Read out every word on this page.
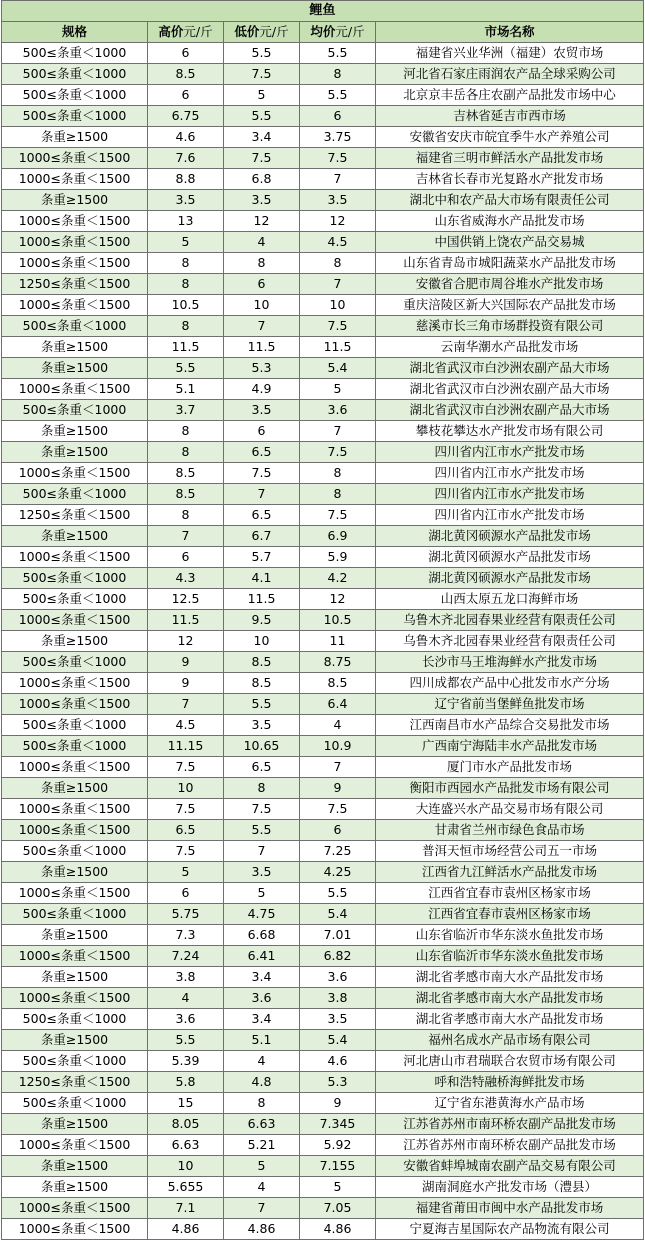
鲤鱼				
规格	高价元/斤	低价元/斤	均价元/斤	市场名称
500≤条重＜1000	6	5.5	5.5	福建省兴业华洲（福建）农贸市场
500≤条重＜1000	8.5	7.5	8	河北省石家庄雨润农产品全球采购公司
500≤条重＜1000	6	5	5.5	北京京丰岳各庄农副产品批发市场中心
500≤条重＜1000	6.75	5.5	6	吉林省延吉市西市场
条重≥1500	4.6	3.4	3.75	安徽省安庆市皖宜季牛水产养殖公司
1000≤条重＜1500	7.6	7.5	7.5	福建省三明市鲜活水产品批发市场
1000≤条重＜1500	8.8	6.8	7	吉林省长春市光复路水产批发市场
条重≥1500	3.5	3.5	3.5	湖北中和农产品大市场有限责任公司
1000≤条重＜1500	13	12	12	山东省威海水产品批发市场
1000≤条重＜1500	5	4	4.5	中国供销上饶农产品交易城
1000≤条重＜1500	8	8	8	山东省青岛市城阳蔬菜水产品批发市场
1250≤条重＜1500	8	6	7	安徽省合肥市周谷堆水产批发市场
1000≤条重＜1500	10.5	10	10	重庆涪陵区新大兴国际农产品批发市场
500≤条重＜1000	8	7	7.5	慈溪市长三角市场群投资有限公司
条重≥1500	11.5	11.5	11.5	云南华潮水产品批发市场
条重≥1500	5.5	5.3	5.4	湖北省武汉市白沙洲农副产品大市场
1000≤条重＜1500	5.1	4.9	5	湖北省武汉市白沙洲农副产品大市场
500≤条重＜1000	3.7	3.5	3.6	湖北省武汉市白沙洲农副产品大市场
条重≥1500	8	6	7	攀枝花攀达水产批发市场有限公司
条重≥1500	8	6.5	7.5	四川省内江市水产批发市场
1000≤条重＜1500	8.5	7.5	8	四川省内江市水产批发市场
500≤条重＜1000	8.5	7	8	四川省内江市水产批发市场
1250≤条重＜1500	8	6.5	7.5	四川省内江市水产批发市场
条重≥1500	7	6.7	6.9	湖北黄冈硕源水产品批发市场
1000≤条重＜1500	6	5.7	5.9	湖北黄冈硕源水产品批发市场
500≤条重＜1000	4.3	4.1	4.2	湖北黄冈硕源水产品批发市场
500≤条重＜1000	12.5	11.5	12	山西太原五龙口海鲜市场
1000≤条重＜1500	11.5	9.5	10.5	乌鲁木齐北园春果业经营有限责任公司
条重≥1500	12	10	11	乌鲁木齐北园春果业经营有限责任公司
500≤条重＜1000	9	8.5	8.75	长沙市马王堆海鲜水产批发市场
1000≤条重＜1500	9	8.5	8.5	四川成都农产品中心批发市水产分场
1000≤条重＜1500	7	5.5	6.4	辽宁省前当堡鲜鱼批发市场
500≤条重＜1000	4.5	3.5	4	江西南昌市水产品综合交易批发市场
500≤条重＜1000	11.15	10.65	10.9	广西南宁海陆丰水产品批发市场
1000≤条重＜1500	7.5	6.5	7	厦门市水产品批发市场
条重≥1500	10	8	9	衡阳市西园水产品批发市场有限公司
1000≤条重＜1500	7.5	7.5	7.5	大连盛兴水产品交易市场有限公司
1000≤条重＜1500	6.5	5.5	6	甘肃省兰州市绿色食品市场
500≤条重＜1000	7.5	7	7.25	普洱天恒市场经营公司五一市场
条重≥1500	5	3.5	4.25	江西省九江鲜活水产品批发市场
1000≤条重＜1500	6	5	5.5	江西省宜春市袁州区杨家市场
500≤条重＜1000	5.75	4.75	5.4	江西省宜春市袁州区杨家市场
条重≥1500	7.3	6.68	7.01	山东省临沂市华东淡水鱼批发市场
1000≤条重＜1500	7.24	6.41	6.82	山东省临沂市华东淡水鱼批发市场
条重≥1500	3.8	3.4	3.6	湖北省孝感市南大水产品批发市场
1000≤条重＜1500	4	3.6	3.8	湖北省孝感市南大水产品批发市场
500≤条重＜1000	3.6	3.4	3.5	湖北省孝感市南大水产品批发市场
条重≥1500	5.5	5.1	5.4	福州名成水产品市场有限公司
500≤条重＜1000	5.39	4	4.6	河北唐山市君瑞联合农贸市场有限公司
1250≤条重＜1500	5.8	4.8	5.3	呼和浩特融桥海鲜批发市场
500≤条重＜1000	15	8	9	辽宁省东港黄海水产品市场
条重≥1500	8.05	6.63	7.345	江苏省苏州市南环桥农副产品批发市场
1000≤条重＜1500	6.63	5.21	5.92	江苏省苏州市南环桥农副产品批发市场
条重≥1500	10	5	7.155	安徽省蚌埠城南农副产品交易有限公司
条重≥1500	5.655	4	5	湖南洞庭水产批发市场（澧县）
1000≤条重＜1500	7.1	7	7.05	福建省莆田市闽中水产品批发市场
1000≤条重＜1500	4.86	4.86	4.86	宁夏海吉星国际农产品物流有限公司
